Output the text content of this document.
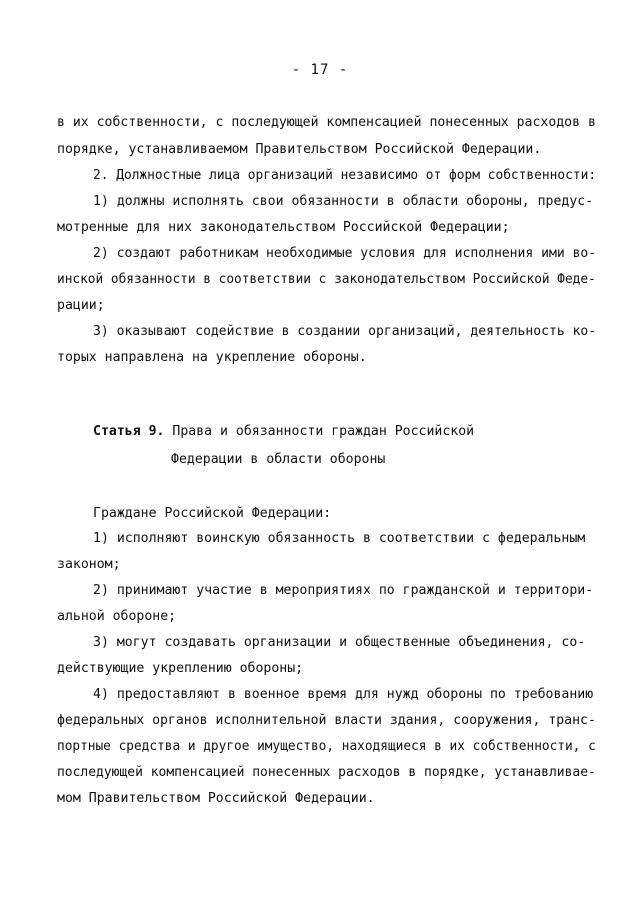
- 17 -
в их собственности, с последующей компенсацией понесенных расходов в
порядке, устанавливаемом Правительством Российской Федерации.
2. Должностные лица организаций независимо от форм собственности:
1) должны исполнять свои обязанности в области обороны, предус-
мотренные для них законодательством Российской Федерации;
2) создают работникам необходимые условия для исполнения ими во-
инской обязанности в соответствии с законодательством Российской Феде-
рации;
3) оказывают содействие в создании организаций, деятельность ко-
торых направлена на укрепление обороны.
Статья 9. Права и обязанности граждан Российской
Федерации в области обороны
Граждане Российской Федерации:
1) исполняют воинскую обязанность в соответствии с федеральным
законом;
2) принимают участие в мероприятиях по гражданской и территори-
альной обороне;
3) могут создавать организации и общественные объединения, со-
действующие укреплению обороны;
4) предоставляют в военное время для нужд обороны по требованию
федеральных органов исполнительной власти здания, сооружения, транс-
портные средства и другое имущество, находящиеся в их собственности, с
последующей компенсацией понесенных расходов в порядке, устанавливае-
мом Правительством Российской Федерации.
